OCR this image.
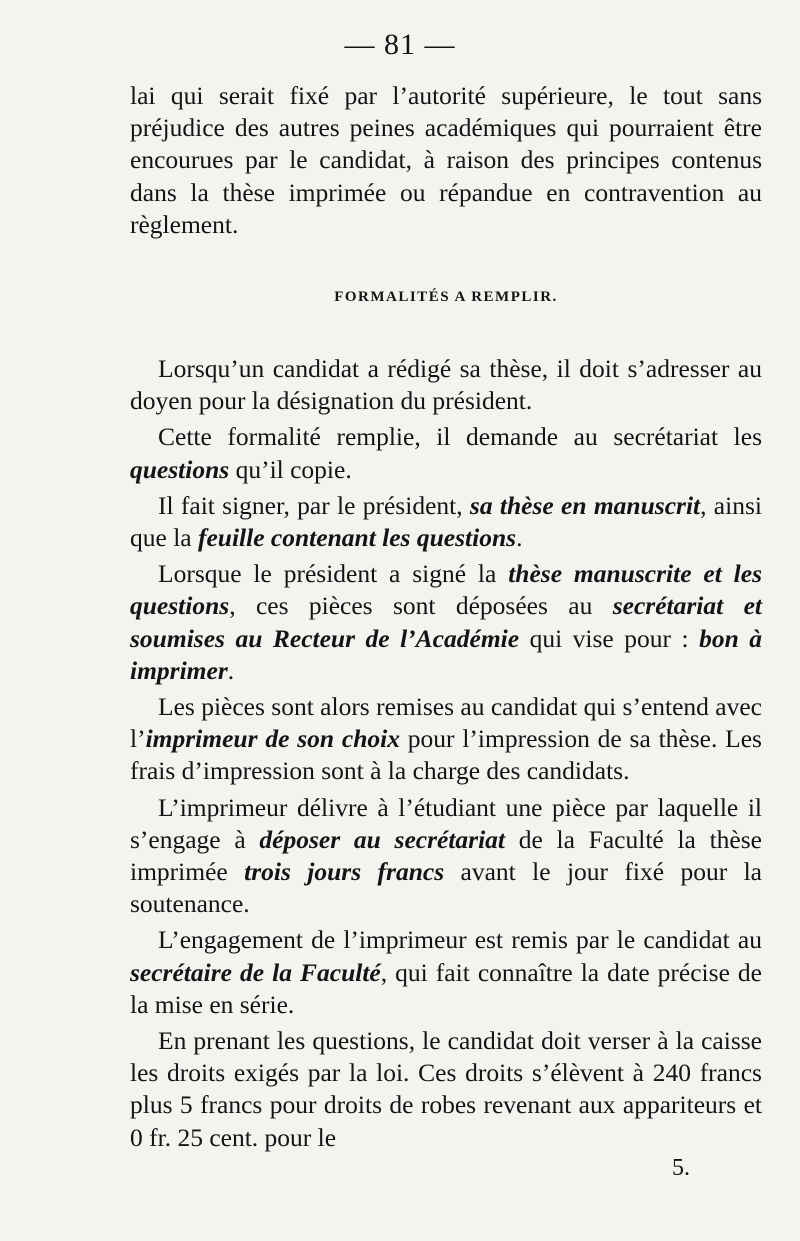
— 81 —

lai qui serait fixé par l’autorité supérieure, le tout sans préjudice des autres peines académiques qui pourraient être encourues par le candidat, à raison des principes contenus dans la thèse imprimée ou répandue en contravention au règlement.

FORMALITÉS A REMPLIR.

Lorsqu’un candidat a rédigé sa thèse, il doit s’adresser au doyen pour la désignation du président.

Cette formalité remplie, il demande au secrétariat les questions qu’il copie.

Il fait signer, par le président, sa thèse en manuscrit, ainsi que la feuille contenant les questions.

Lorsque le président a signé la thèse manuscrite et les questions, ces pièces sont déposées au secrétariat et soumises au Recteur de l’Académie qui vise pour : bon à imprimer.

Les pièces sont alors remises au candidat qui s’entend avec l’imprimeur de son choix pour l’impression de sa thèse. Les frais d’impression sont à la charge des candidats.

L’imprimeur délivre à l’étudiant une pièce par laquelle il s’engage à déposer au secrétariat de la Faculté la thèse imprimée trois jours francs avant le jour fixé pour la soutenance.

L’engagement de l’imprimeur est remis par le candidat au secrétaire de la Faculté, qui fait connaître la date précise de la mise en série.

En prenant les questions, le candidat doit verser à la caisse les droits exigés par la loi. Ces droits s’élèvent à 240 francs plus 5 francs pour droits de robes revenant aux appariteurs et 0 fr. 25 cent. pour le

5.
